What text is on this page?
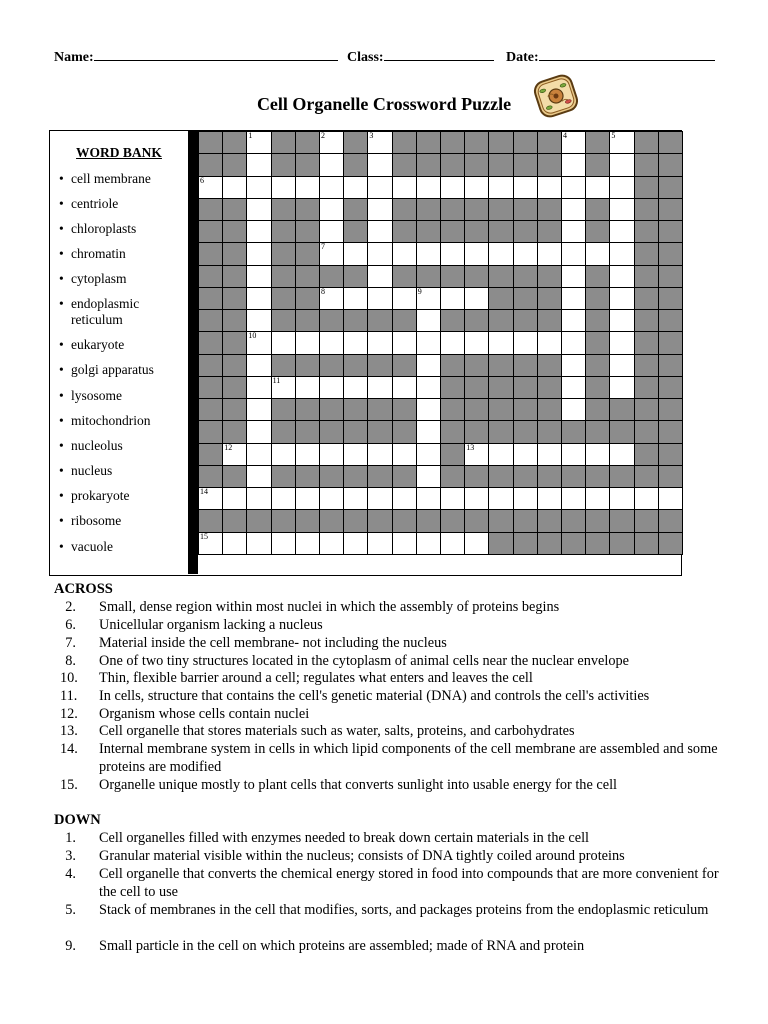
Name:	Class:	Date:
Cell Organelle Crossword Puzzle
WORD BANK
• cell membrane
• centriole
• chloroplasts
• chromatin
• cytoplasm
• endoplasmic reticulum
• eukaryote
• golgi apparatus
• lysosome
• mitochondrion
• nucleolus
• nucleus
• prokaryote
• ribosome
• vacuole
1	2	3	4	5
6
7
8	9
10
11
12	13
14
15
ACROSS
2. Small, dense region within most nuclei in which the assembly of proteins begins
6. Unicellular organism lacking a nucleus
7. Material inside the cell membrane- not including the nucleus
8. One of two tiny structures located in the cytoplasm of animal cells near the nuclear envelope
10. Thin, flexible barrier around a cell; regulates what enters and leaves the cell
11. In cells, structure that contains the cell's genetic material (DNA) and controls the cell's activities
12. Organism whose cells contain nuclei
13. Cell organelle that stores materials such as water, salts, proteins, and carbohydrates
14. Internal membrane system in cells in which lipid components of the cell membrane are assembled and some proteins are modified
15. Organelle unique mostly to plant cells that converts sunlight into usable energy for the cell
DOWN
1. Cell organelles filled with enzymes needed to break down certain materials in the cell
3. Granular material visible within the nucleus; consists of DNA tightly coiled around proteins
4. Cell organelle that converts the chemical energy stored in food into compounds that are more convenient for the cell to use
5. Stack of membranes in the cell that modifies, sorts, and packages proteins from the endoplasmic reticulum
9. Small particle in the cell on which proteins are assembled; made of RNA and protein
